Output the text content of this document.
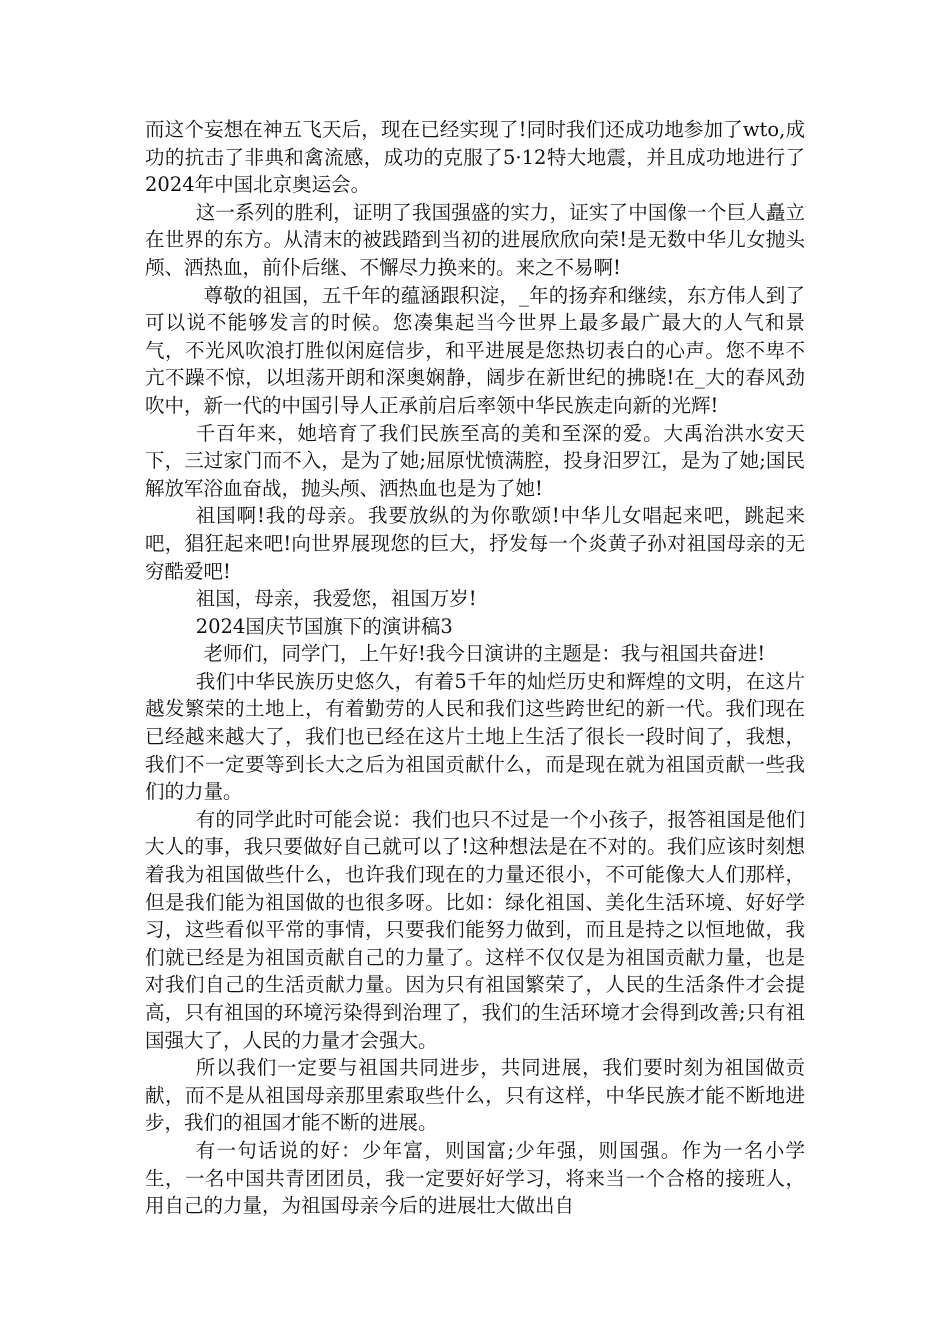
而这个妄想在神五飞天后，现在已经实现了!同时我们还成功地参加了wto,成功的抗击了非典和禽流感，成功的克服了5·12特大地震，并且成功地进行了2024年中国北京奥运会。

这一系列的胜利，证明了我国强盛的实力，证实了中国像一个巨人矗立在世界的东方。从清末的被践踏到当初的进展欣欣向荣!是无数中华儿女抛头颅、洒热血，前仆后继、不懈尽力换来的。来之不易啊!

尊敬的祖国，五千年的蕴涵跟积淀，_年的扬弃和继续，东方伟人到了可以说不能够发言的时候。您凑集起当今世界上最多最广最大的人气和景气，不光风吹浪打胜似闲庭信步，和平进展是您热切表白的心声。您不卑不亢不躁不惊，以坦荡开朗和深奥娴静，阔步在新世纪的拂晓!在_大的春风劲吹中，新一代的中国引导人正承前启后率领中华民族走向新的光辉!

千百年来，她培育了我们民族至高的美和至深的爱。大禹治洪水安天下，三过家门而不入，是为了她;屈原忧愤满腔，投身汨罗江，是为了她;国民解放军浴血奋战，抛头颅、洒热血也是为了她!

祖国啊!我的母亲。我要放纵的为你歌颂!中华儿女唱起来吧，跳起来吧，猖狂起来吧!向世界展现您的巨大，抒发每一个炎黄子孙对祖国母亲的无穷酷爱吧!

祖国，母亲，我爱您，祖国万岁!

2024国庆节国旗下的演讲稿3

老师们，同学门，上午好!我今日演讲的主题是：我与祖国共奋进!

我们中华民族历史悠久，有着5千年的灿烂历史和辉煌的文明，在这片越发繁荣的土地上，有着勤劳的人民和我们这些跨世纪的新一代。我们现在已经越来越大了，我们也已经在这片土地上生活了很长一段时间了，我想，我们不一定要等到长大之后为祖国贡献什么，而是现在就为祖国贡献一些我们的力量。

有的同学此时可能会说：我们也只不过是一个小孩子，报答祖国是他们大人的事，我只要做好自己就可以了!这种想法是在不对的。我们应该时刻想着我为祖国做些什么，也许我们现在的力量还很小，不可能像大人们那样，但是我们能为祖国做的也很多呀。比如：绿化祖国、美化生活环境、好好学习，这些看似平常的事情，只要我们能努力做到，而且是持之以恒地做，我们就已经是为祖国贡献自己的力量了。这样不仅仅是为祖国贡献力量，也是对我们自己的生活贡献力量。因为只有祖国繁荣了，人民的生活条件才会提高，只有祖国的环境污染得到治理了，我们的生活环境才会得到改善;只有祖国强大了，人民的力量才会强大。

所以我们一定要与祖国共同进步，共同进展，我们要时刻为祖国做贡献，而不是从祖国母亲那里索取些什么，只有这样，中华民族才能不断地进步，我们的祖国才能不断的进展。

有一句话说的好：少年富，则国富;少年强，则国强。作为一名小学生，一名中国共青团团员，我一定要好好学习，将来当一个合格的接班人，用自己的力量，为祖国母亲今后的进展壮大做出自
